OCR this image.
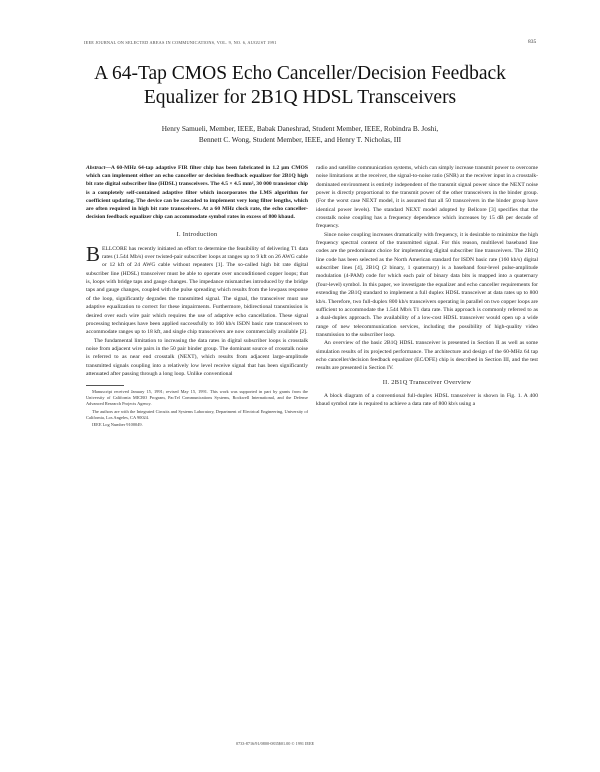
IEEE JOURNAL ON SELECTED AREAS IN COMMUNICATIONS, VOL. 9, NO. 6, AUGUST 1991	835
A 64-Tap CMOS Echo Canceller/Decision Feedback Equalizer for 2B1Q HDSL Transceivers
Henry Samueli, Member, IEEE, Babak Daneshrad, Student Member, IEEE, Robindra B. Joshi,
Bennett C. Wong, Student Member, IEEE, and Henry T. Nicholas, III

Abstract—A 60-MHz 64-tap adaptive FIR filter chip has been fabricated in 1.2 μm CMOS which can implement either an echo canceller or decision feedback equalizer for 2B1Q high bit rate digital subscriber line (HDSL) transceivers. The 4.5 × 4.5 mm², 30 000 transistor chip is a completely self-contained adaptive filter which incorporates the LMS algorithm for coefficient updating. The device can be cascaded to implement very long filter lengths, which are often required in high bit rate transceivers. At a 60 MHz clock rate, the echo canceller-decision feedback equalizer chip can accommodate symbol rates in excess of 800 kbaud.

I. Introduction

BELLCORE has recently initiated an effort to determine the feasibility of delivering T1 data rates (1.544 Mb/s) over twisted-pair subscriber loops at ranges up to 9 kft on 26 AWG cable or 12 kft of 24 AWG cable without repeaters [1]. The so-called high bit rate digital subscriber line (HDSL) transceiver must be able to operate over unconditioned copper loops; that is, loops with bridge taps and gauge changes. The impedance mismatches introduced by the bridge taps and gauge changes, coupled with the pulse spreading which results from the lowpass response of the loop, significantly degrades the transmitted signal. The signal, the transceiver must use adaptive equalization to correct for these impairments. Furthermore, bidirectional transmission is desired over each wire pair which requires the use of adaptive echo cancellation. These signal processing techniques have been applied successfully to 160 kb/s ISDN basic rate transceivers to accommodate ranges up to 18 kft, and single chip transceivers are now commercially available [2].

The fundamental limitation to increasing the data rates in digital subscriber loops is crosstalk noise from adjacent wire pairs in the 50 pair binder group. The dominant source of crosstalk noise is referred to as near end crosstalk (NEXT), which results from adjacent large-amplitude transmitted signals coupling into a relatively low level receive signal that has been significantly attenuated after passing through a long loop. Unlike conventional

Manuscript received January 15, 1991; revised May 15, 1991. This work was supported in part by grants from the University of California MICRO Program, PacTel Communications Systems, Rockwell International, and the Defense Advanced Research Projects Agency.

The authors are with the Integrated Circuits and Systems Laboratory, Department of Electrical Engineering, University of California, Los Angeles, CA 90024.

IEEE Log Number 9100049.

radio and satellite communication systems, which can simply increase transmit power to overcome noise limitations at the receiver, the signal-to-noise ratio (SNR) at the receiver input in a crosstalk-dominated environment is entirely independent of the transmit signal power since the NEXT noise power is directly proportional to the transmit power of the other transceivers in the binder group. (For the worst case NEXT model, it is assumed that all 50 transceivers in the binder group have identical power levels). The standard NEXT model adopted by Bellcore [3] specifies that the crosstalk noise coupling has a frequency dependence which increases by 15 dB per decade of frequency.

Since noise coupling increases dramatically with frequency, it is desirable to minimize the high frequency spectral content of the transmitted signal. For this reason, multilevel baseband line codes are the predominant choice for implementing digital subscriber line transceivers. The 2B1Q line code has been selected as the North American standard for ISDN basic rate (160 kb/s) digital subscriber lines [4], 2B1Q (2 binary, 1 quaternary) is a baseband four-level pulse-amplitude modulation (4-PAM) code for which each pair of binary data bits is mapped into a quaternary (four-level) symbol. In this paper, we investigate the equalizer and echo canceller requirements for extending the 2B1Q standard to implement a full duplex HDSL transceiver at data rates up to 800 kb/s. Therefore, two full-duplex 800 kb/s transceivers operating in parallel on two copper loops are sufficient to accommodate the 1.544 Mb/s T1 data rate. This approach is commonly referred to as a dual-duplex approach. The availability of a low-cost HDSL transceiver would open up a wide range of new telecommunication services, including the possibility of high-quality video transmission to the subscriber loop.

An overview of the basic 2B1Q HDSL transceiver is presented in Section II as well as some simulation results of its projected performance. The architecture and design of the 60-MHz 64 tap echo canceller/decision feedback equalizer (EC/DFE) chip is described in Section III, and the test results are presented in Section IV.

II. 2B1Q Transceiver Overview

A block diagram of a conventional full-duplex HDSL transceiver is shown in Fig. 1. A 400 kbaud symbol rate is required to achieve a data rate of 800 kb/s using a

0733-8716/91/0800-0835$01.00 © 1991 IEEE
